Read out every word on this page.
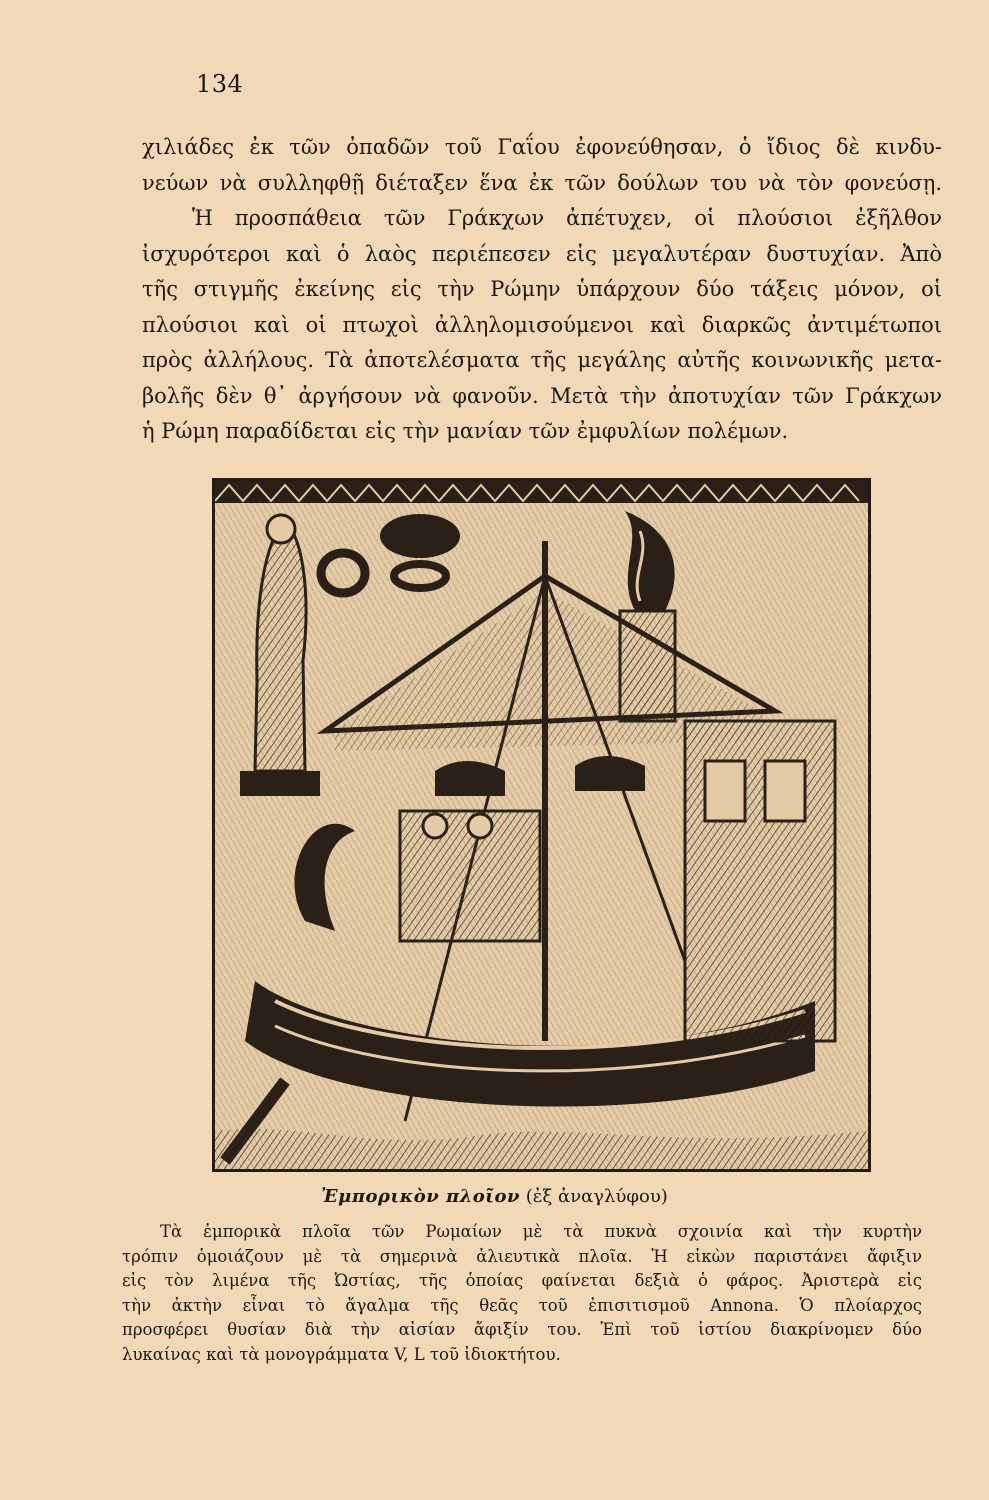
134
χιλιάδες ἐκ τῶν ὀπαδῶν τοῦ Γαΐου ἐφονεύθησαν, ὁ ἴδιος δὲ κινδυ-
νεύων νὰ συλληφθῇ διέταξεν ἕνα ἐκ τῶν δούλων του νὰ τὸν φονεύσῃ.
Ἡ προσπάθεια τῶν Γράκχων ἀπέτυχεν, οἱ πλούσιοι ἐξῆλθον
ἰσχυρότεροι καὶ ὁ λαὸς περιέπεσεν εἰς μεγαλυτέραν δυστυχίαν. Ἀπὸ
τῆς στιγμῆς ἐκείνης εἰς τὴν Ρώμην ὑπάρχουν δύο τάξεις μόνον, οἱ
πλούσιοι καὶ οἱ πτωχοὶ ἀλληλομισούμενοι καὶ διαρκῶς ἀντιμέτωποι
πρὸς ἀλλήλους. Τὰ ἀποτελέσματα τῆς μεγάλης αὐτῆς κοινωνικῆς μετα-
βολῆς δὲν θ᾽ ἀργήσουν νὰ φανοῦν. Μετὰ τὴν ἀποτυχίαν τῶν Γράκχων
ἡ Ρώμη παραδίδεται εἰς τὴν μανίαν τῶν ἐμφυλίων πολέμων.
Ἐμπορικὸν πλοῖον (ἐξ ἀναγλύφου)
Τὰ ἐμπορικὰ πλοῖα τῶν Ρωμαίων μὲ τὰ πυκνὰ σχοινία καὶ τὴν κυρτὴν
τρόπιν ὁμοιάζουν μὲ τὰ σημερινὰ ἁλιευτικὰ πλοῖα. Ἡ εἰκὼν παριστάνει ἄφιξιν
εἰς τὸν λιμένα τῆς Ὠστίας, τῆς ὁποίας φαίνεται δεξιὰ ὁ φάρος. Ἀριστερὰ εἰς
τὴν ἀκτὴν εἶναι τὸ ἄγαλμα τῆς θεᾶς τοῦ ἐπισιτισμοῦ Annona. Ὁ πλοίαρχος
προσφέρει θυσίαν διὰ τὴν αἰσίαν ἄφιξίν του. Ἐπὶ τοῦ ἱστίου διακρίνομεν δύο
λυκαίνας καὶ τὰ μονογράμματα V, L τοῦ ἰδιοκτήτου.
